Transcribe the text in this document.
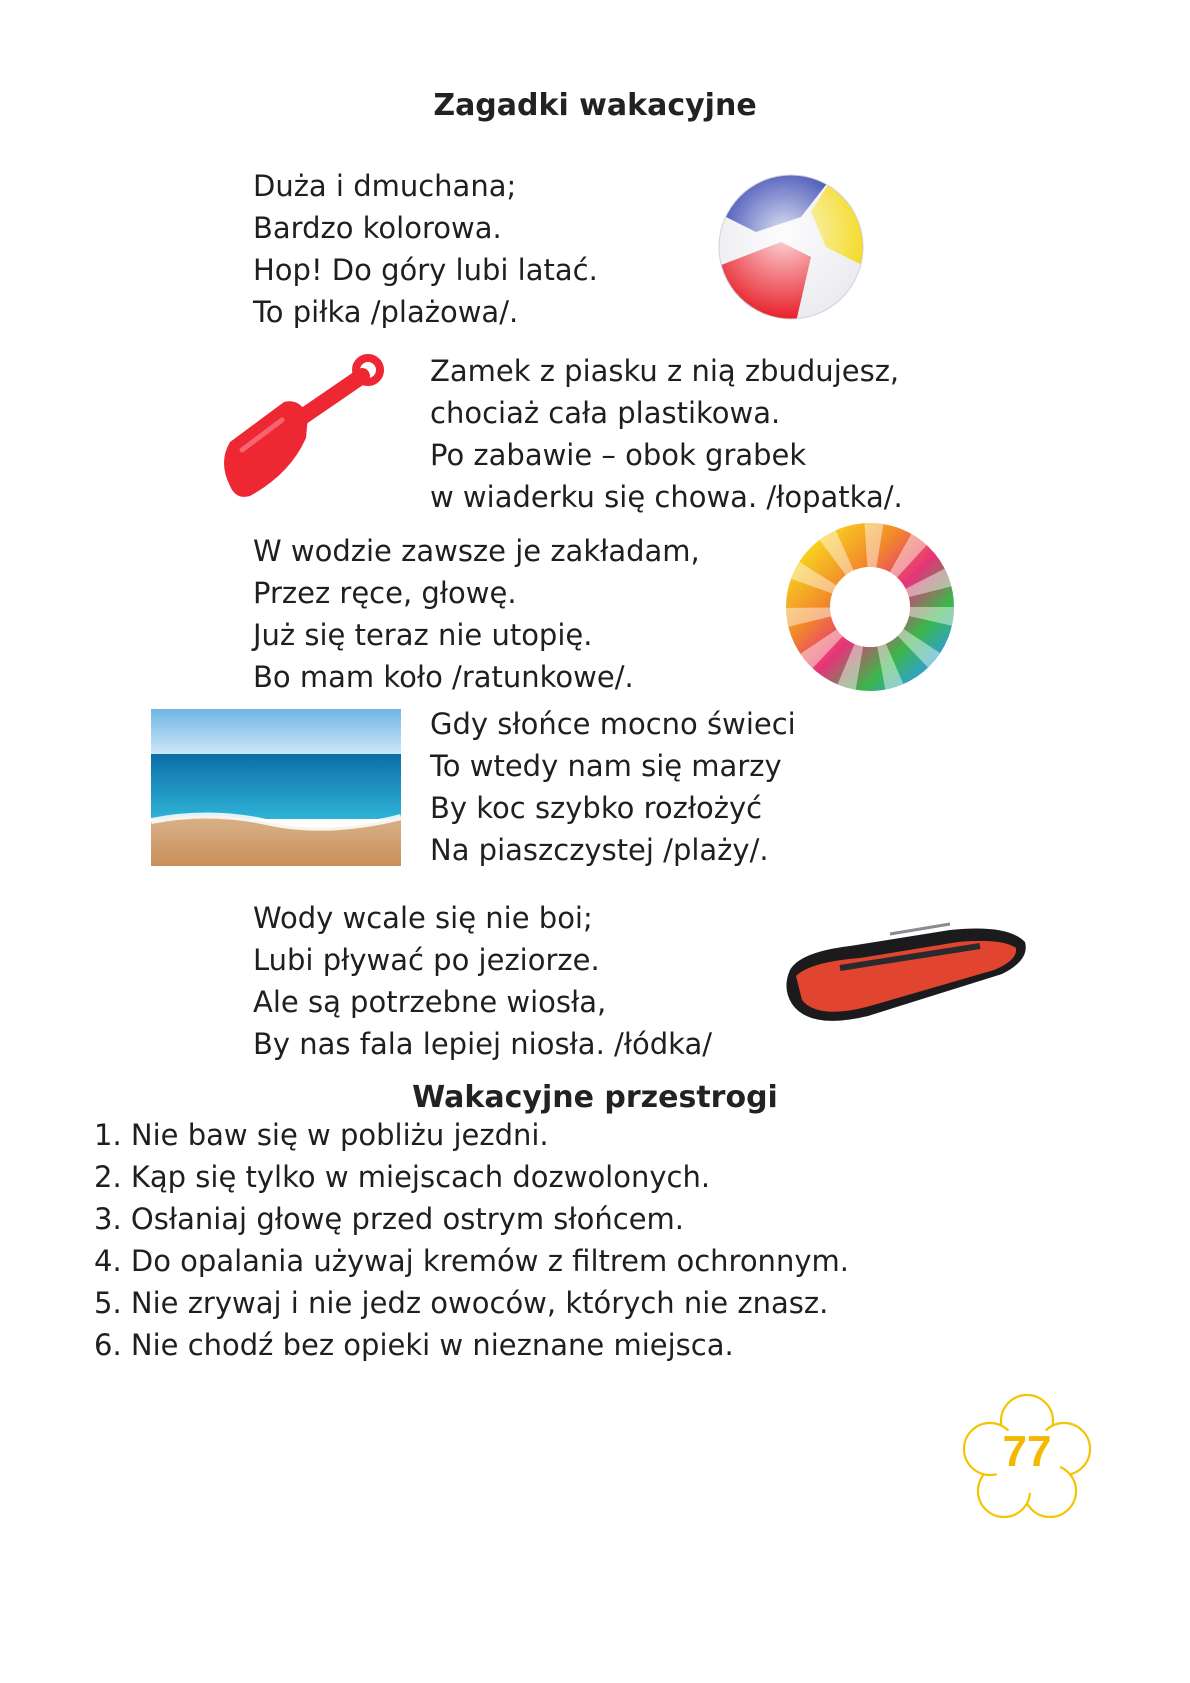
Zagadki wakacyjne
Duża i dmuchana;
Bardzo kolorowa.
Hop! Do góry lubi latać.
To piłka /plażowa/.
Zamek z piasku z nią zbudujesz,
chociaż cała plastikowa.
Po zabawie – obok grabek
w wiaderku się chowa. /łopatka/.
W wodzie zawsze je zakładam,
Przez ręce, głowę.
Już się teraz nie utopię.
Bo mam koło /ratunkowe/.
Gdy słońce mocno świeci
To wtedy nam się marzy
By koc szybko rozłożyć
Na piaszczystej /plaży/.
Wody wcale się nie boi;
Lubi pływać po jeziorze.
Ale są potrzebne wiosła,
By nas fala lepiej niosła. /łódka/
Wakacyjne przestrogi
1. Nie baw się w pobliżu jezdni.
2. Kąp się tylko w miejscach dozwolonych.
3. Osłaniaj głowę przed ostrym słońcem.
4. Do opalania używaj kremów z filtrem ochronnym.
5. Nie zrywaj i nie jedz owoców, których nie znasz.
6. Nie chodź bez opieki w nieznane miejsca.
77
